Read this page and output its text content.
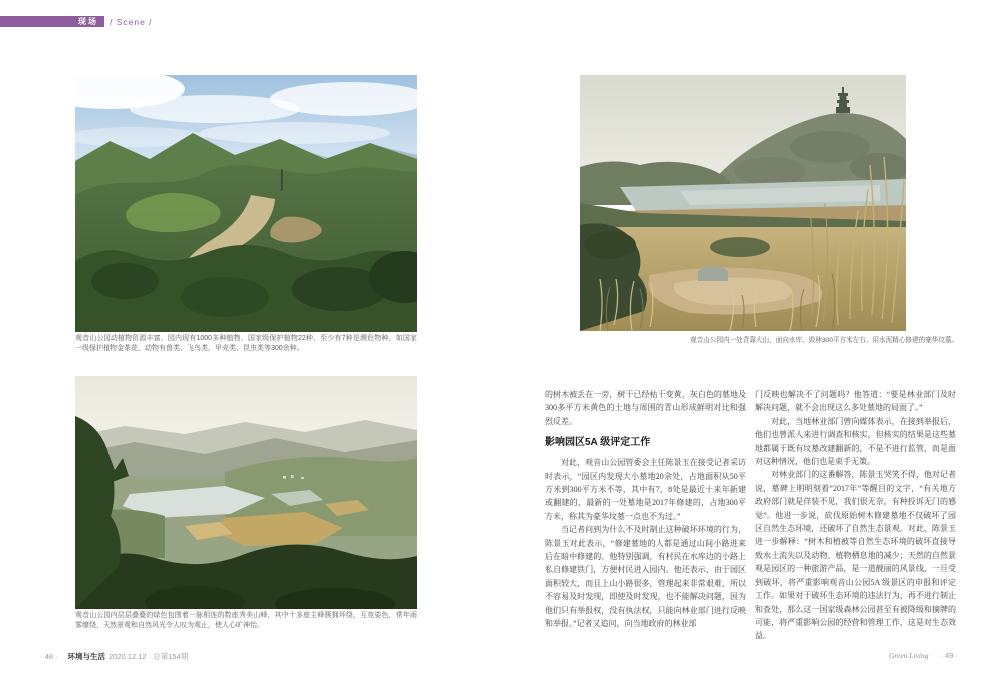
现场	/ Scene /
观音山公园动植物资源丰富，园内现有1000多种植物，国家级保护植物22种，至少有7种是濒危物种，如国家一级保护植物金茶花，动物有兽类、飞鸟类、甲壳类、昆虫类等300余种。
观音山公园内层层叠叠的绿色包围着一脉相连的数座秀美山峰，其中十多座主峰簇拥环绕，互竞姿色，常年雨雾缭绕，天然景观和自然风光令人叹为观止，使人心旷神怡。
观音山公园内一处背靠大山、面向水库、毁林300平方米左右、用水泥精心修建的豪华坟墓。

的树木被丢在一旁，树干已经枯干变黄，灰白色的墓地及300多平方米黄色的土地与周围的青山形成鲜明对比和强烈反差。

影响园区5A 级评定工作

对此，观音山公园管委会主任陈景玉在接受记者采访时表示，“园区内发现大小墓地20余处，占地面积从50平方米到300平方米不等，其中有7、8处是最近十来年新建或翻建的，最新的一处墓地是2017年修建的，占地300平方米，称其为豪华坟墓一点也不为过。”

当记者问到为什么不及时制止这种破坏环境的行为，陈景玉对此表示，“修建墓地的人都是通过山间小路进来后在暗中修建的。他特别强调，有村民在水库边的小路上私自修建铁门，方便村民进入园内。他还表示，由于园区面积较大，而且上山小路很多，管理起来非常艰难，所以不容易及时发现，即使及时发现，也不能解决问题，因为他们只有举报权，没有执法权，只能向林业部门进行反映和举报。”记者又追问，向当地政府的林业部

门反映也解决不了问题吗？他答道：“要是林业部门及时解决问题，就不会出现这么多处墓地的局面了。”

对此，当地林业部门曾向媒体表示，在接到举报后，他们也曾派人来进行调查和核实，但核实的结果是这些墓地都属于既有坟墓改建翻新的，不是不进行监管，而是面对这种情况，他们也是束手无策。

对林业部门的这番解答，陈景玉哭笑不得，他对记者说，墓碑上明明刻着“2017年”等醒目的文字，“有关地方政府部门就是佯装不见，我们很无奈，有种投诉无门的感觉”。他进一步说，砍伐原始树木修建墓地不仅破坏了园区自然生态环境，还破坏了自然生态景观。对此，陈景玉进一步解释：“树木和植被等自然生态环境的破坏直接导致水土流失以及动物、植物栖息地的减少；天然的自然景观是园区的一种旅游产品，是一道靓丽的风景线，一旦受到破坏，将严重影响观音山公园5A 级景区的申报和评定工作。如果对于破坏生态环境的违法行为，再不进行制止和查处，那么这一国家级森林公园甚至有被降级和摘牌的可能，将严重影响公园的经营和管理工作，这是对生态效益。

· 48 · 环境与生活 2020.12.12 · 总第154期	Green Living · 49 ·
